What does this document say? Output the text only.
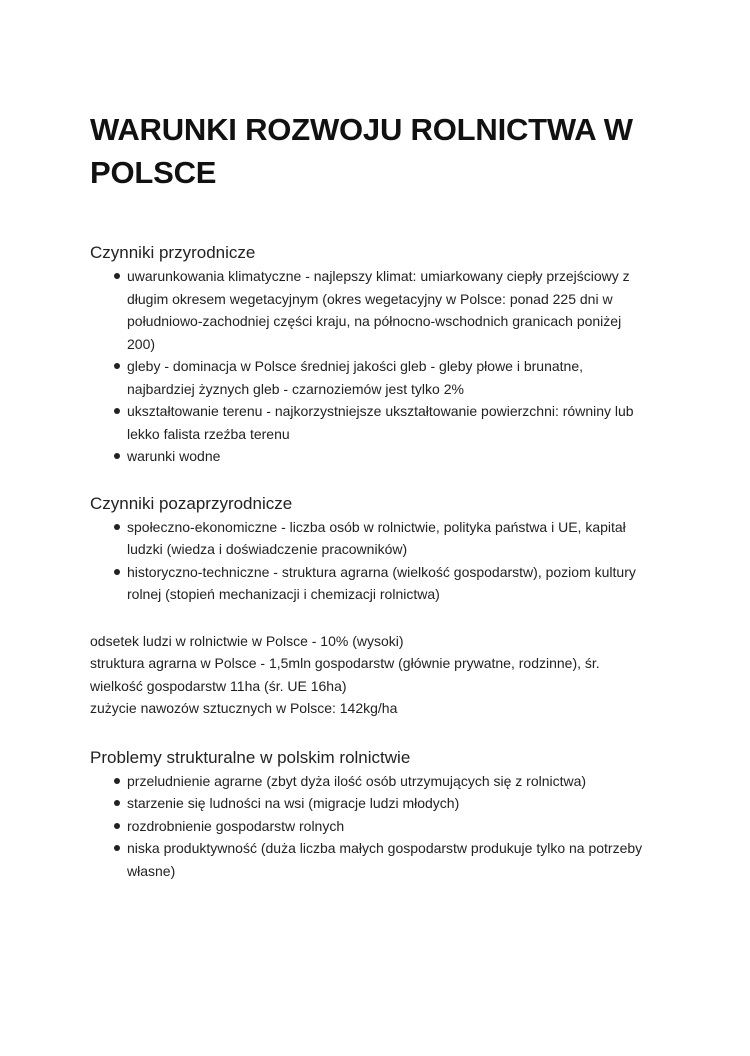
WARUNKI ROZWOJU ROLNICTWA W POLSCE
Czynniki przyrodnicze
uwarunkowania klimatyczne - najlepszy klimat: umiarkowany ciepły przejściowy z długim okresem wegetacyjnym (okres wegetacyjny w Polsce: ponad 225 dni w południowo-zachodniej części kraju, na północno-wschodnich granicach poniżej 200)
gleby - dominacja w Polsce średniej jakości gleb - gleby płowe i brunatne, najbardziej żyznych gleb - czarnoziemów jest tylko 2%
ukształtowanie terenu - najkorzystniejsze ukształtowanie powierzchni: równiny lub lekko falista rzeźba terenu
warunki wodne
Czynniki pozaprzyrodnicze
społeczno-ekonomiczne - liczba osób w rolnictwie, polityka państwa i UE, kapitał ludzki (wiedza i doświadczenie pracowników)
historyczno-techniczne - struktura agrarna (wielkość gospodarstw), poziom kultury rolnej (stopień mechanizacji i chemizacji rolnictwa)

odsetek ludzi w rolnictwie w Polsce - 10% (wysoki)

struktura agrarna w Polsce - 1,5mln gospodarstw (głównie prywatne, rodzinne), śr. wielkość gospodarstw 11ha (śr. UE 16ha)

zużycie nawozów sztucznych w Polsce: 142kg/ha

Problemy strukturalne w polskim rolnictwie
przeludnienie agrarne (zbyt dyża ilość osób utrzymujących się z rolnictwa)
starzenie się ludności na wsi (migracje ludzi młodych)
rozdrobnienie gospodarstw rolnych
niska produktywność (duża liczba małych gospodarstw produkuje tylko na potrzeby własne)
